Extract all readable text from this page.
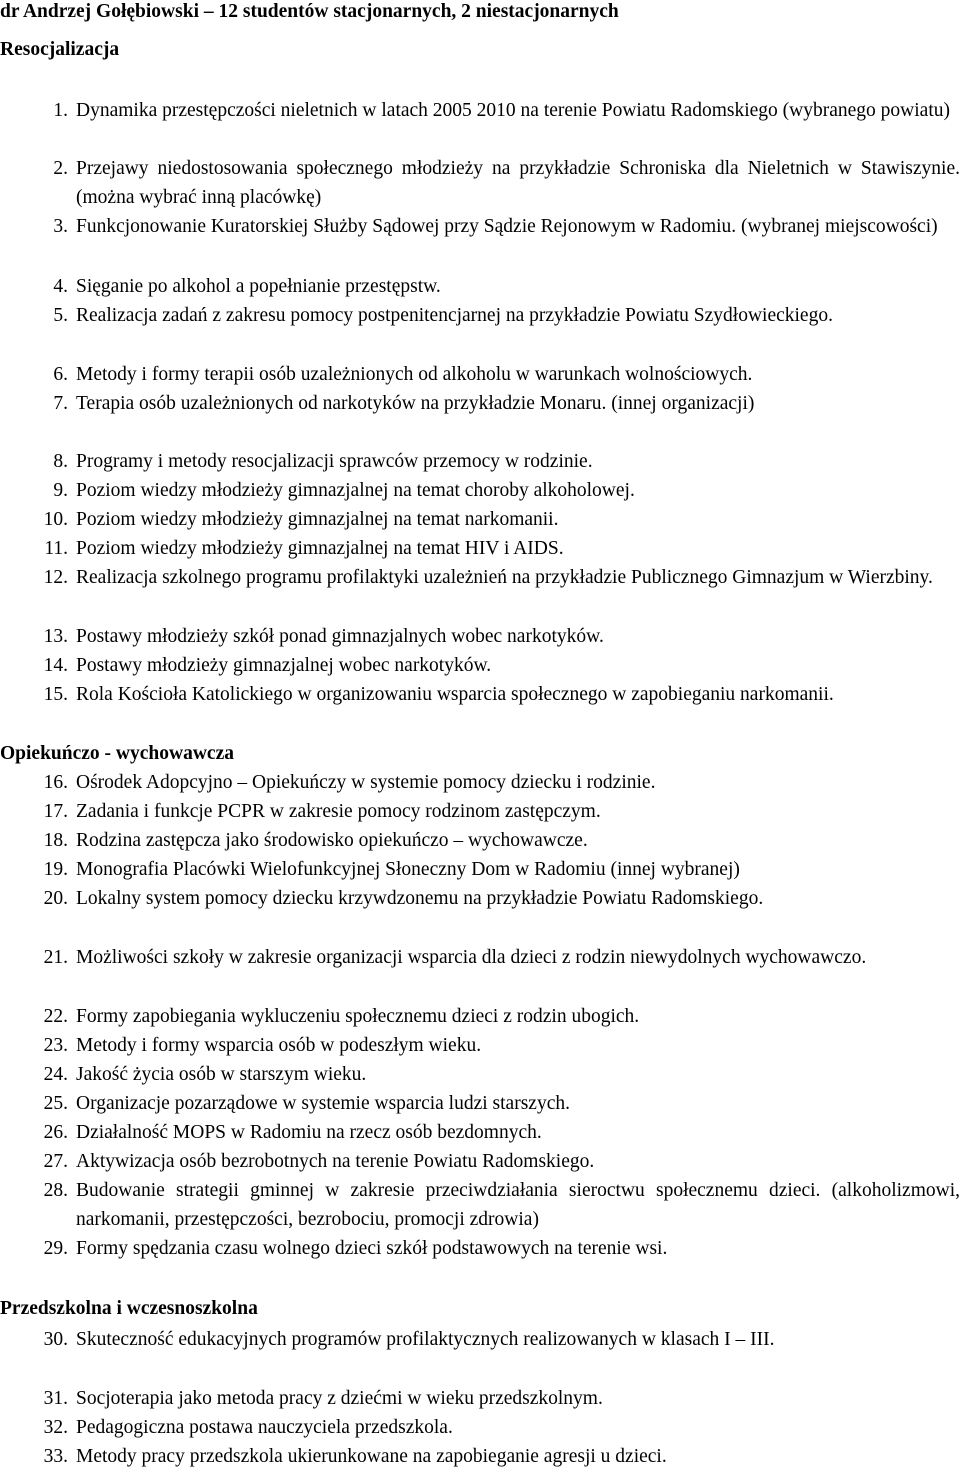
dr Andrzej Gołębiowski – 12 studentów stacjonarnych, 2 niestacjonarnych
Resocjalizacja
1. Dynamika przestępczości nieletnich w latach 2005 2010 na terenie Powiatu Radomskiego (wybranego powiatu)
2. Przejawy niedostosowania społecznego młodzieży na przykładzie Schroniska dla Nieletnich w Stawiszynie. (można wybrać inną placówkę)
3. Funkcjonowanie Kuratorskiej Służby Sądowej przy Sądzie Rejonowym w Radomiu. (wybranej miejscowości)
4. Sięganie po alkohol a popełnianie przestępstw.
5. Realizacja zadań z zakresu pomocy postpenitencjarnej na przykładzie Powiatu Szydłowieckiego.
6. Metody i formy terapii osób uzależnionych od alkoholu w warunkach wolnościowych.
7. Terapia osób uzależnionych od narkotyków na przykładzie Monaru. (innej organizacji)
8. Programy i metody resocjalizacji sprawców przemocy w rodzinie.
9. Poziom wiedzy młodzieży gimnazjalnej na temat choroby alkoholowej.
10. Poziom wiedzy młodzieży gimnazjalnej na temat narkomanii.
11. Poziom wiedzy młodzieży gimnazjalnej na temat HIV i AIDS.
12. Realizacja szkolnego programu profilaktyki uzależnień na przykładzie Publicznego Gimnazjum w Wierzbiny.
13. Postawy młodzieży szkół ponad gimnazjalnych wobec narkotyków.
14. Postawy młodzieży gimnazjalnej wobec narkotyków.
15. Rola Kościoła Katolickiego w organizowaniu wsparcia społecznego w zapobieganiu narkomanii.
Opiekuńczo - wychowawcza
16. Ośrodek Adopcyjno – Opiekuńczy w systemie pomocy dziecku i rodzinie.
17. Zadania i funkcje PCPR w zakresie pomocy rodzinom zastępczym.
18. Rodzina zastępcza jako środowisko opiekuńczo – wychowawcze.
19. Monografia Placówki Wielofunkcyjnej Słoneczny Dom w Radomiu (innej wybranej)
20. Lokalny system pomocy dziecku krzywdzonemu na przykładzie Powiatu Radomskiego.
21. Możliwości szkoły w zakresie organizacji wsparcia dla dzieci z rodzin niewydolnych wychowawczo.
22. Formy zapobiegania wykluczeniu społecznemu dzieci z rodzin ubogich.
23. Metody i formy wsparcia osób w podeszłym wieku.
24. Jakość życia osób w starszym wieku.
25. Organizacje pozarządowe w systemie wsparcia ludzi starszych.
26. Działalność MOPS w Radomiu na rzecz osób bezdomnych.
27. Aktywizacja osób bezrobotnych na terenie Powiatu Radomskiego.
28. Budowanie strategii gminnej w zakresie przeciwdziałania sieroctwu społecznemu dzieci. (alkoholizmowi, narkomanii, przestępczości, bezrobociu, promocji zdrowia)
29. Formy spędzania czasu wolnego dzieci szkół podstawowych na terenie wsi.
Przedszkolna i wczesnoszkolna
30. Skuteczność edukacyjnych programów profilaktycznych realizowanych w klasach I – III.
31. Socjoterapia jako metoda pracy z dziećmi w wieku przedszkolnym.
32. Pedagogiczna postawa nauczyciela przedszkola.
33. Metody pracy przedszkola ukierunkowane na zapobieganie agresji u dzieci.
